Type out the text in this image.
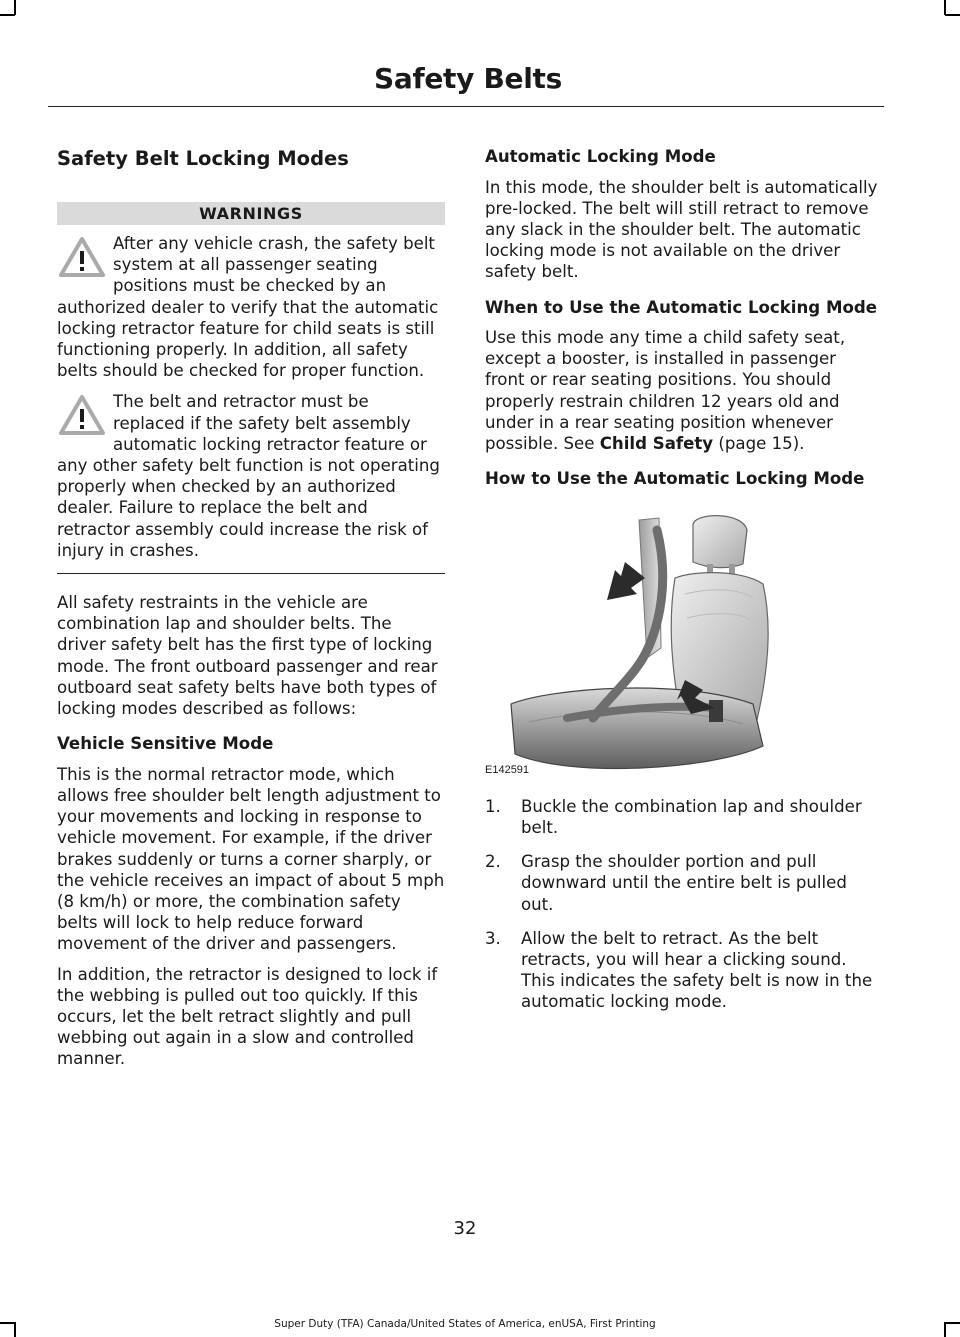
Safety Belts
Safety Belt Locking Modes
WARNINGS

After any vehicle crash, the safety belt system at all passenger seating positions must be checked by an authorized dealer to verify that the automatic locking retractor feature for child seats is still functioning properly. In addition, all safety belts should be checked for proper function.

The belt and retractor must be replaced if the safety belt assembly automatic locking retractor feature or any other safety belt function is not operating properly when checked by an authorized dealer. Failure to replace the belt and retractor assembly could increase the risk of injury in crashes.

All safety restraints in the vehicle are combination lap and shoulder belts. The driver safety belt has the first type of locking mode. The front outboard passenger and rear outboard seat safety belts have both types of locking modes described as follows:

Vehicle Sensitive Mode

This is the normal retractor mode, which allows free shoulder belt length adjustment to your movements and locking in response to vehicle movement. For example, if the driver brakes suddenly or turns a corner sharply, or the vehicle receives an impact of about 5 mph (8 km/h) or more, the combination safety belts will lock to help reduce forward movement of the driver and passengers.

In addition, the retractor is designed to lock if the webbing is pulled out too quickly. If this occurs, let the belt retract slightly and pull webbing out again in a slow and controlled manner.

Automatic Locking Mode

In this mode, the shoulder belt is automatically pre-locked. The belt will still retract to remove any slack in the shoulder belt. The automatic locking mode is not available on the driver safety belt.

When to Use the Automatic Locking Mode

Use this mode any time a child safety seat, except a booster, is installed in passenger front or rear seating positions. You should properly restrain children 12 years old and under in a rear seating position whenever possible. See Child Safety (page 15).

How to Use the Automatic Locking Mode
E142591
1. Buckle the combination lap and shoulder belt.
2. Grasp the shoulder portion and pull downward until the entire belt is pulled out.
3. Allow the belt to retract. As the belt retracts, you will hear a clicking sound. This indicates the safety belt is now in the automatic locking mode.
32
Super Duty (TFA) Canada/United States of America, enUSA, First Printing
